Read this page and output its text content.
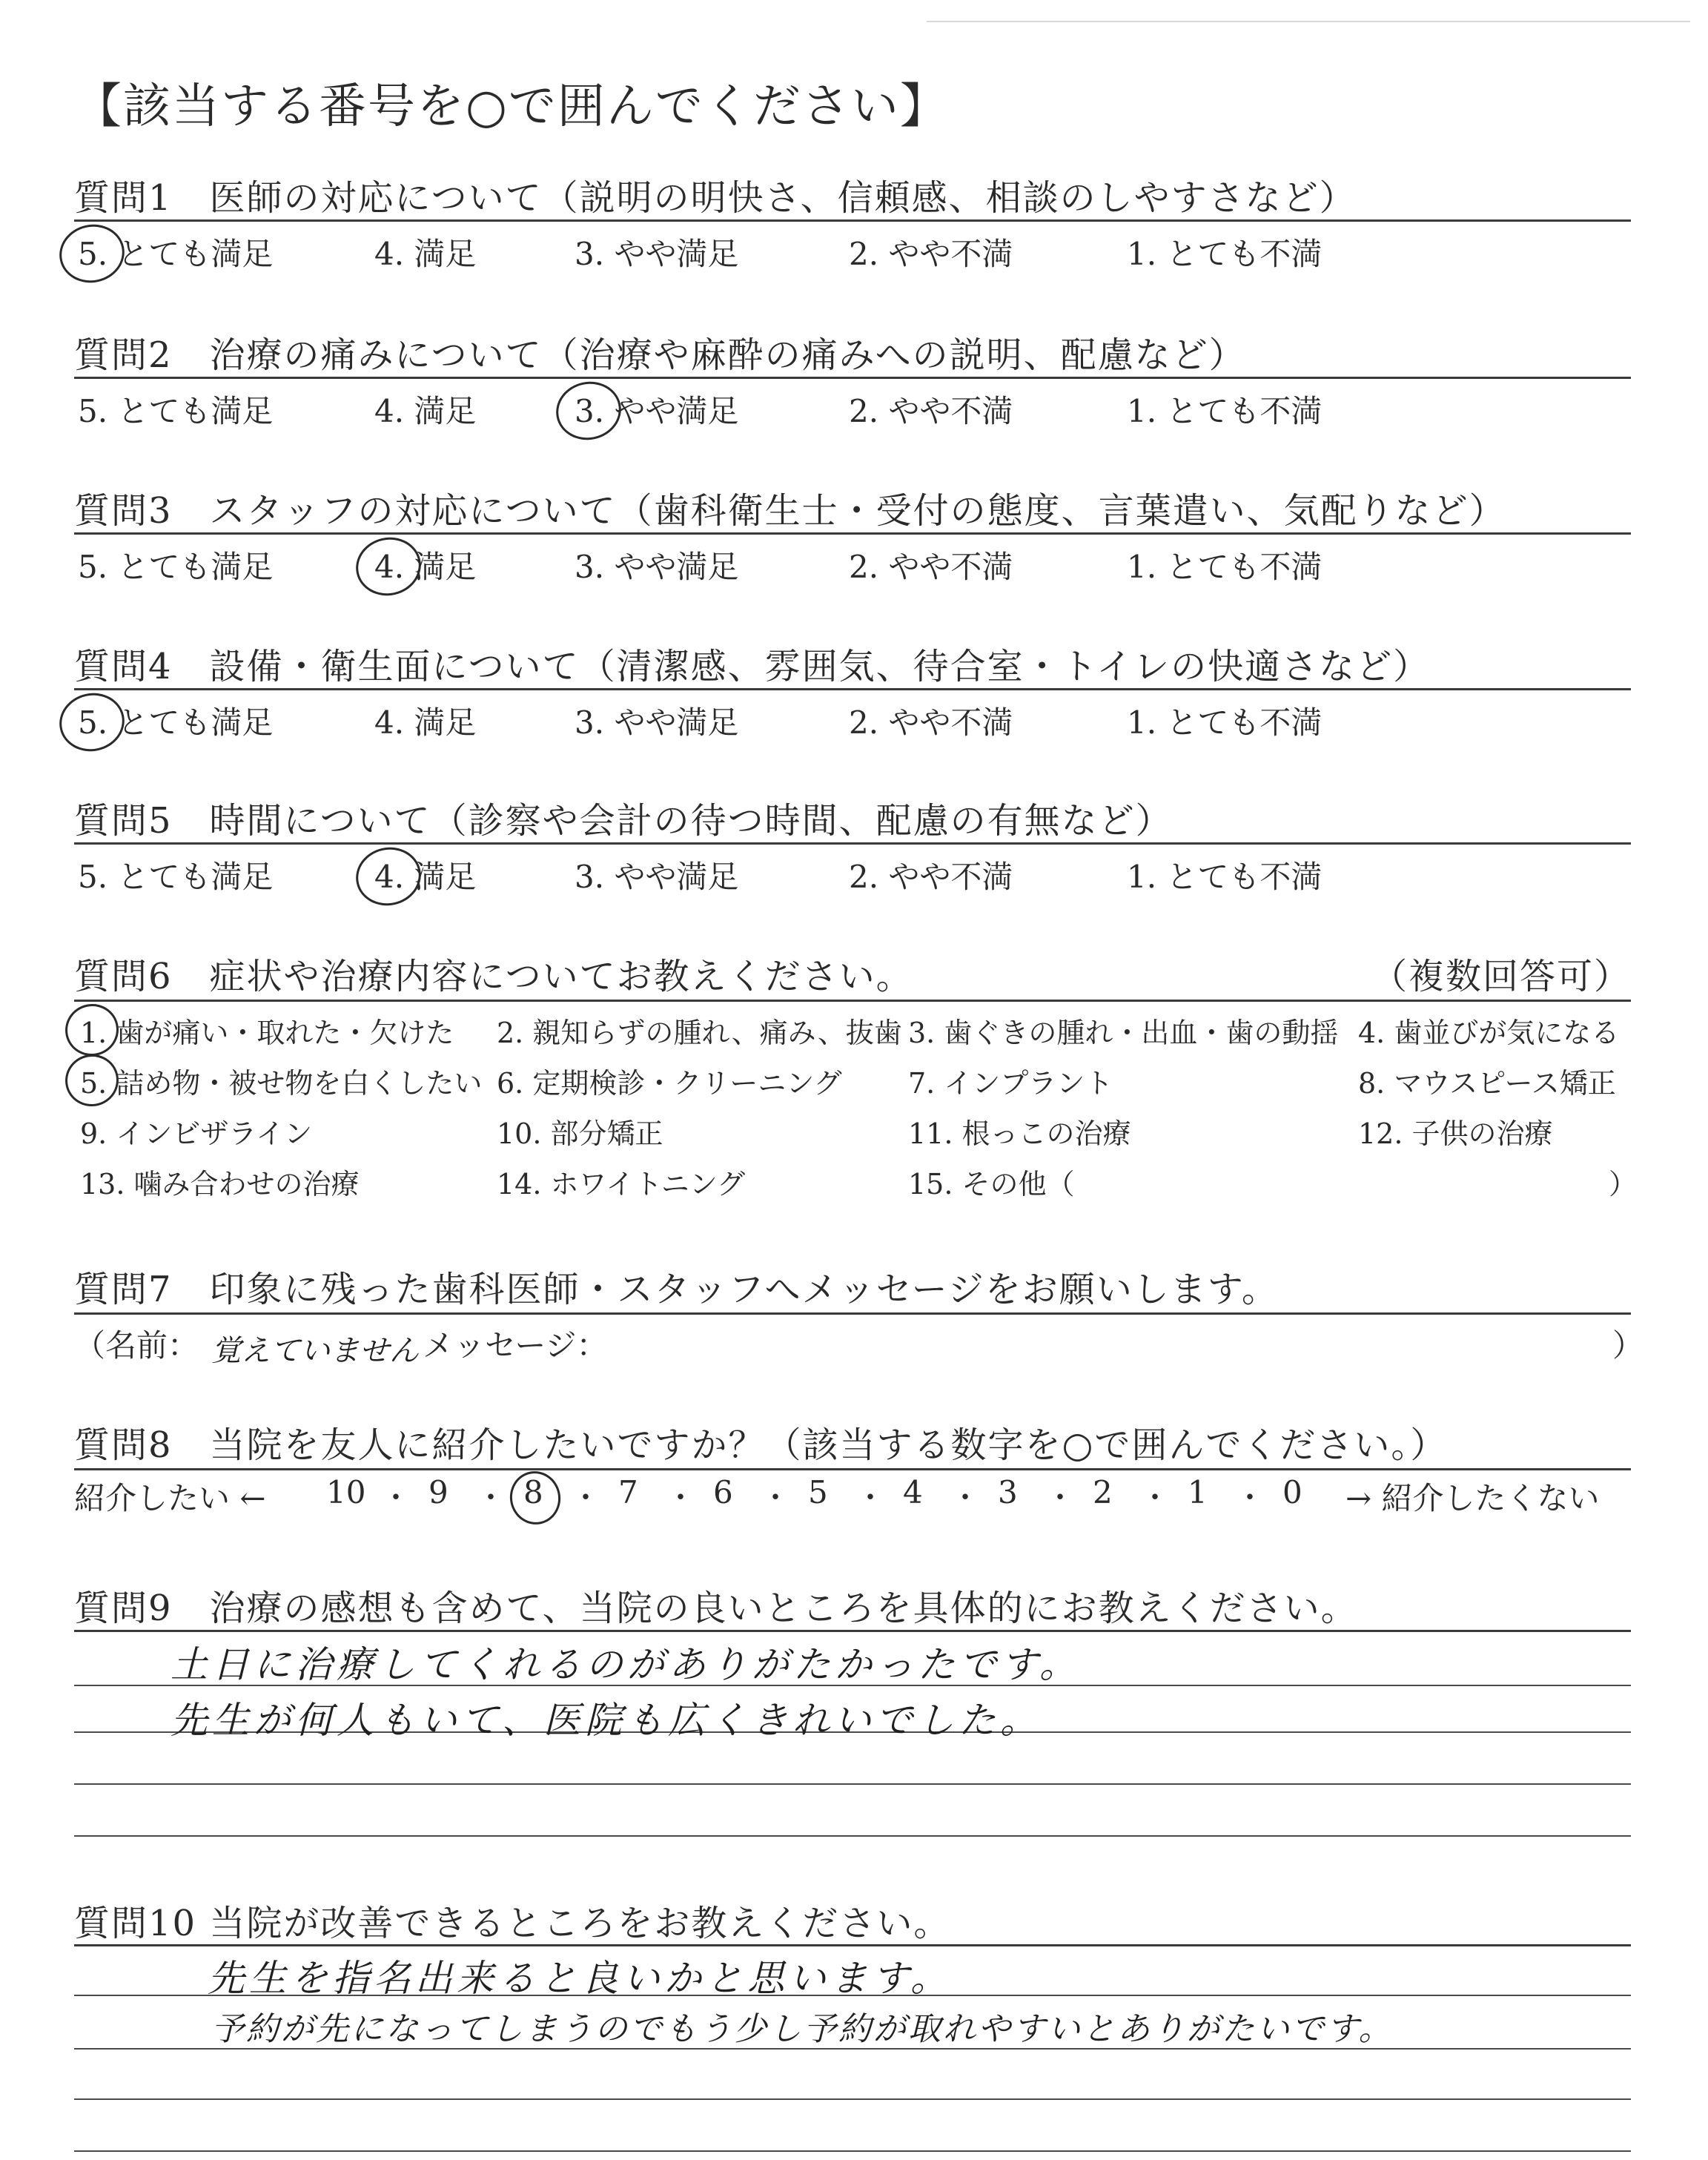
【該当する番号を○で囲んでください】
質問1　医師の対応について（説明の明快さ、信頼感、相談のしやすさなど）
5. とても満足	4. 満足	3. やや満足	2. やや不満	1. とても不満
質問2　治療の痛みについて（治療や麻酔の痛みへの説明、配慮など）
5. とても満足	4. 満足	3. やや満足	2. やや不満	1. とても不満
質問3　スタッフの対応について（歯科衛生士・受付の態度、言葉遣い、気配りなど）
5. とても満足	4. 満足	3. やや満足	2. やや不満	1. とても不満
質問4　設備・衛生面について（清潔感、雰囲気、待合室・トイレの快適さなど）
5. とても満足	4. 満足	3. やや満足	2. やや不満	1. とても不満
質問5　時間について（診察や会計の待つ時間、配慮の有無など）
5. とても満足	4. 満足	3. やや満足	2. やや不満	1. とても不満
質問6　症状や治療内容についてお教えください。	（複数回答可）
1. 歯が痛い・取れた・欠けた 2. 親知らずの腫れ、痛み、抜歯 3. 歯ぐきの腫れ・出血・歯の動揺 4. 歯並びが気になる
5. 詰め物・被せ物を白くしたい 6. 定期検診・クリーニング 7. インプラント	8. マウスピース矯正
9. インビザライン	10. 部分矯正	11. 根っこの治療	12. 子供の治療
13. 噛み合わせの治療	14. ホワイトニング	15. その他（	）
質問7　印象に残った歯科医師・スタッフへメッセージをお願いします。
（名前： 覚えていません メッセージ：	）
質問8　当院を友人に紹介したいですか？（該当する数字を○で囲んでください。）
紹介したい ←	→ 紹介したくない
10 ・ 9 ・ 8 ・ 7 ・ 6 ・ 5 ・ 4 ・ 3 ・ 2 ・ 1 ・ 0
質問9　治療の感想も含めて、当院の良いところを具体的にお教えください。
土日に治療してくれるのがありがたかったです。
先生が何人もいて、医院も広くきれいでした。
質問10 当院が改善できるところをお教えください。
先生を指名出来ると良いかと思います。
予約が先になってしまうのでもう少し予約が取れやすいとありがたいです。
